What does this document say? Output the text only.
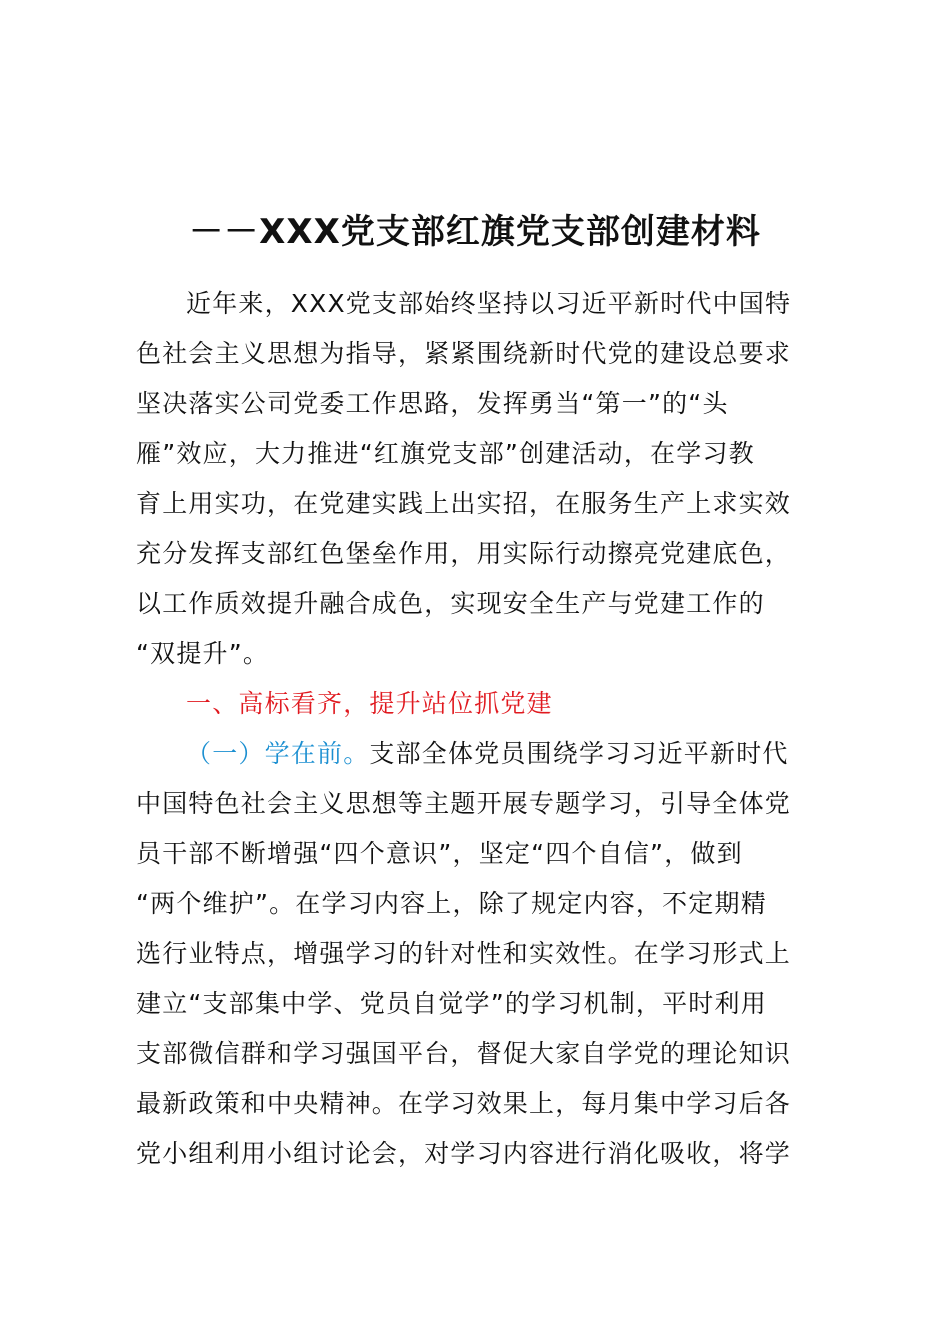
－－XXX党支部红旗党支部创建材料
近年来，XXX党支部始终坚持以习近平新时代中国特
色社会主义思想为指导，紧紧围绕新时代党的建设总要求
坚决落实公司党委工作思路，发挥勇当“第一”的“头
雁”效应，大力推进“红旗党支部”创建活动，在学习教
育上用实功，在党建实践上出实招，在服务生产上求实效
充分发挥支部红色堡垒作用，用实际行动擦亮党建底色，
以工作质效提升融合成色，实现安全生产与党建工作的
“双提升”。
一、高标看齐，提升站位抓党建
（一）学在前。支部全体党员围绕学习习近平新时代
中国特色社会主义思想等主题开展专题学习，引导全体党
员干部不断增强“四个意识”，坚定“四个自信”，做到
“两个维护”。在学习内容上，除了规定内容，不定期精
选行业特点，增强学习的针对性和实效性。在学习形式上
建立“支部集中学、党员自觉学”的学习机制，平时利用
支部微信群和学习强国平台，督促大家自学党的理论知识
最新政策和中央精神。在学习效果上，每月集中学习后各
党小组利用小组讨论会，对学习内容进行消化吸收，将学
